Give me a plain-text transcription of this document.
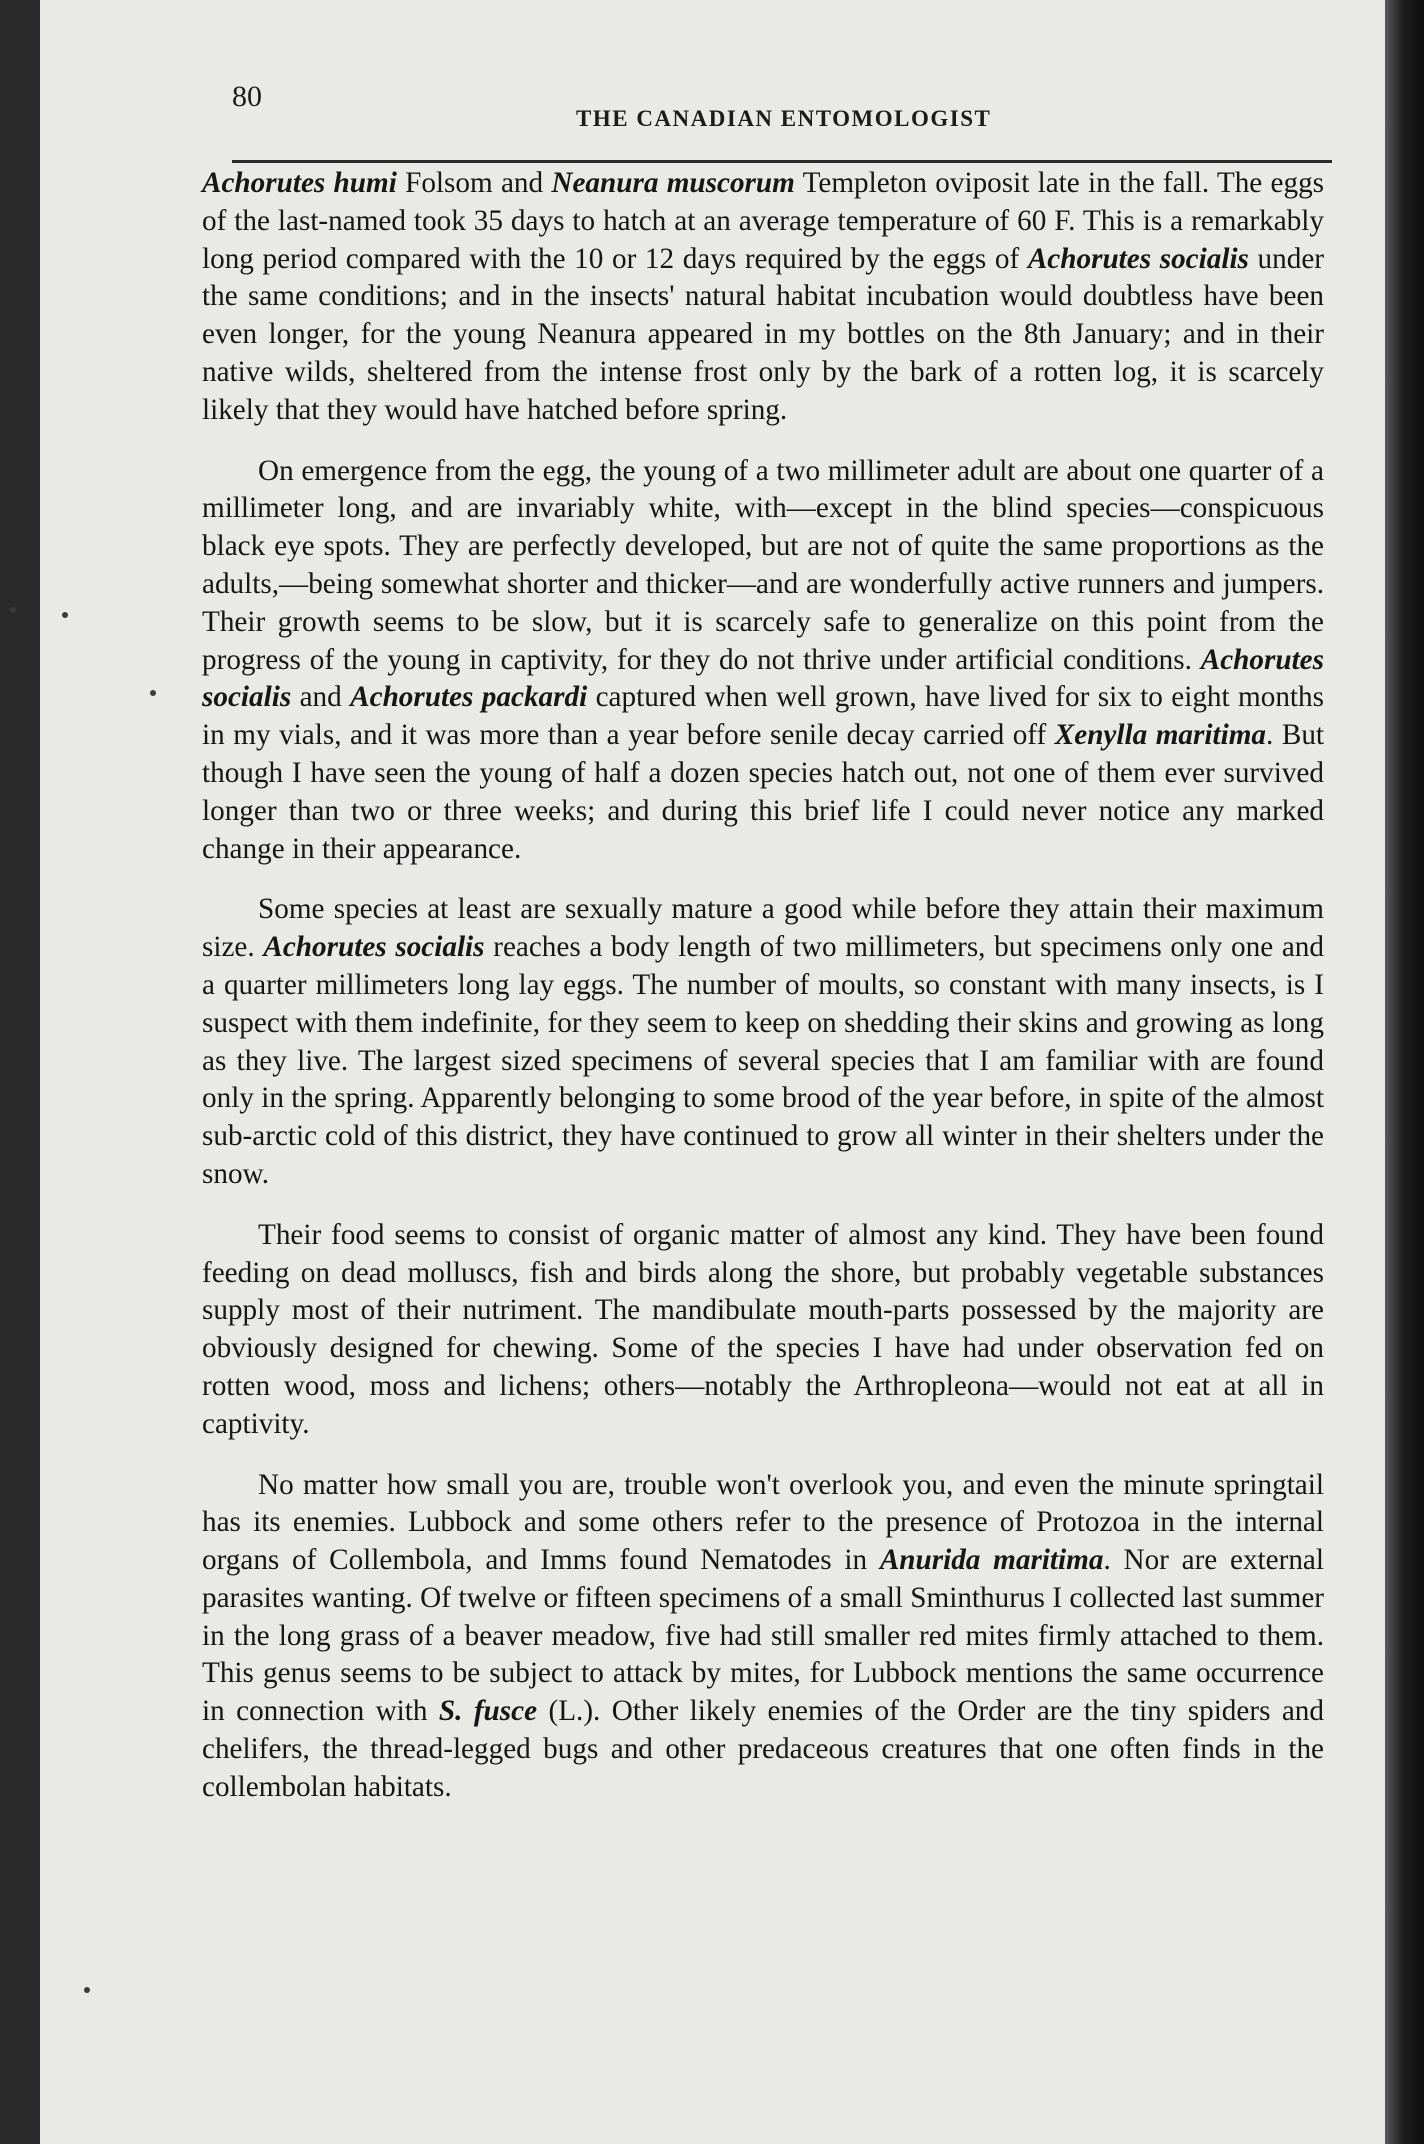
80
THE CANADIAN ENTOMOLOGIST

Achorutes humi Folsom and Neanura muscorum Templeton oviposit late in the fall. The eggs of the last-named took 35 days to hatch at an average temperature of 60 F. This is a remarkably long period compared with the 10 or 12 days required by the eggs of Achorutes socialis under the same conditions; and in the insects' natural habitat incubation would doubtless have been even longer, for the young Neanura appeared in my bottles on the 8th January; and in their native wilds, sheltered from the intense frost only by the bark of a rotten log, it is scarcely likely that they would have hatched before spring.

On emergence from the egg, the young of a two millimeter adult are about one quarter of a millimeter long, and are invariably white, with—except in the blind species—conspicuous black eye spots. They are perfectly developed, but are not of quite the same proportions as the adults,—being somewhat shorter and thicker—and are wonderfully active runners and jumpers. Their growth seems to be slow, but it is scarcely safe to generalize on this point from the progress of the young in captivity, for they do not thrive under artificial conditions. Achorutes socialis and Achorutes packardi captured when well grown, have lived for six to eight months in my vials, and it was more than a year before senile decay carried off Xenylla maritima. But though I have seen the young of half a dozen species hatch out, not one of them ever survived longer than two or three weeks; and during this brief life I could never notice any marked change in their appearance.

Some species at least are sexually mature a good while before they attain their maximum size. Achorutes socialis reaches a body length of two millimeters, but specimens only one and a quarter millimeters long lay eggs. The number of moults, so constant with many insects, is I suspect with them indefinite, for they seem to keep on shedding their skins and growing as long as they live. The largest sized specimens of several species that I am familiar with are found only in the spring. Apparently belonging to some brood of the year before, in spite of the almost sub-arctic cold of this district, they have continued to grow all winter in their shelters under the snow.

Their food seems to consist of organic matter of almost any kind. They have been found feeding on dead molluscs, fish and birds along the shore, but probably vegetable substances supply most of their nutriment. The mandibulate mouth-parts possessed by the majority are obviously designed for chewing. Some of the species I have had under observation fed on rotten wood, moss and lichens; others—notably the Arthropleona—would not eat at all in captivity.

No matter how small you are, trouble won't overlook you, and even the minute springtail has its enemies. Lubbock and some others refer to the presence of Protozoa in the internal organs of Collembola, and Imms found Nematodes in Anurida maritima. Nor are external parasites wanting. Of twelve or fifteen specimens of a small Sminthurus I collected last summer in the long grass of a beaver meadow, five had still smaller red mites firmly attached to them. This genus seems to be subject to attack by mites, for Lubbock mentions the same occurrence in connection with S. fusce (L.). Other likely enemies of the Order are the tiny spiders and chelifers, the thread-legged bugs and other predaceous creatures that one often finds in the collembolan habitats.
